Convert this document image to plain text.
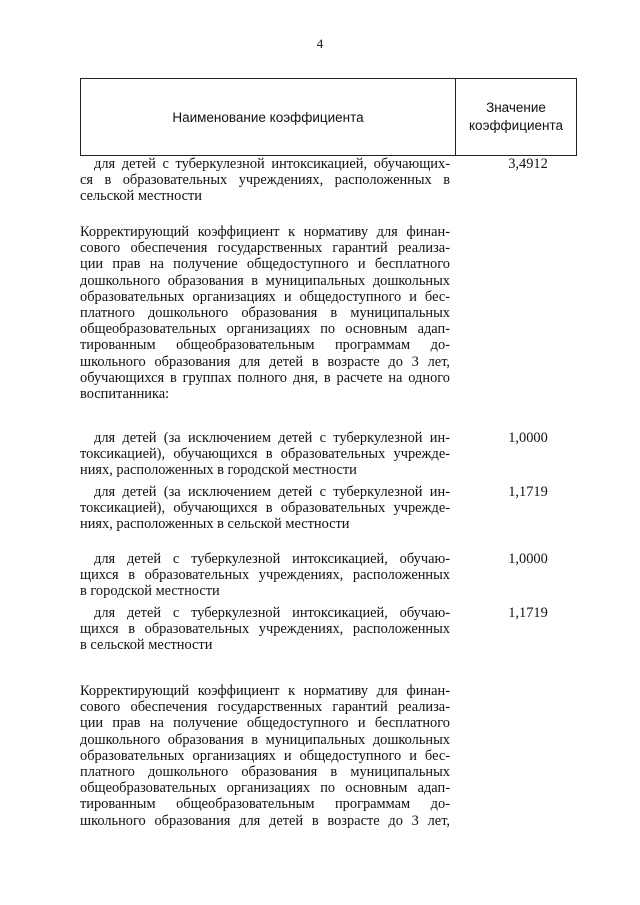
4
Наименование коэффициента
Значение
коэффициента
для детей с туберкулезной интоксикацией, обучающих-
ся в образовательных учреждениях, расположенных в
сельской местности
3,4912
Корректирующий коэффициент к нормативу для финан-
сового обеспечения государственных гарантий реализа-
ции прав на получение общедоступного и бесплатного
дошкольного образования в муниципальных дошкольных
образовательных организациях и общедоступного и бес-
платного дошкольного образования в муниципальных
общеобразовательных организациях по основным адап-
тированным общеобразовательным программам до-
школьного образования для детей в возрасте до 3 лет,
обучающихся в группах полного дня, в расчете на одного
воспитанника:
для детей (за исключением детей с туберкулезной ин-
токсикацией), обучающихся в образовательных учрежде-
ниях, расположенных в городской местности
1,0000
для детей (за исключением детей с туберкулезной ин-
токсикацией), обучающихся в образовательных учрежде-
ниях, расположенных в сельской местности
1,1719
для детей с туберкулезной интоксикацией, обучаю-
щихся в образовательных учреждениях, расположенных
в городской местности
1,0000
для детей с туберкулезной интоксикацией, обучаю-
щихся в образовательных учреждениях, расположенных
в сельской местности
1,1719
Корректирующий коэффициент к нормативу для финан-
сового обеспечения государственных гарантий реализа-
ции прав на получение общедоступного и бесплатного
дошкольного образования в муниципальных дошкольных
образовательных организациях и общедоступного и бес-
платного дошкольного образования в муниципальных
общеобразовательных организациях по основным адап-
тированным общеобразовательным программам до-
школьного образования для детей в возрасте до 3 лет,
